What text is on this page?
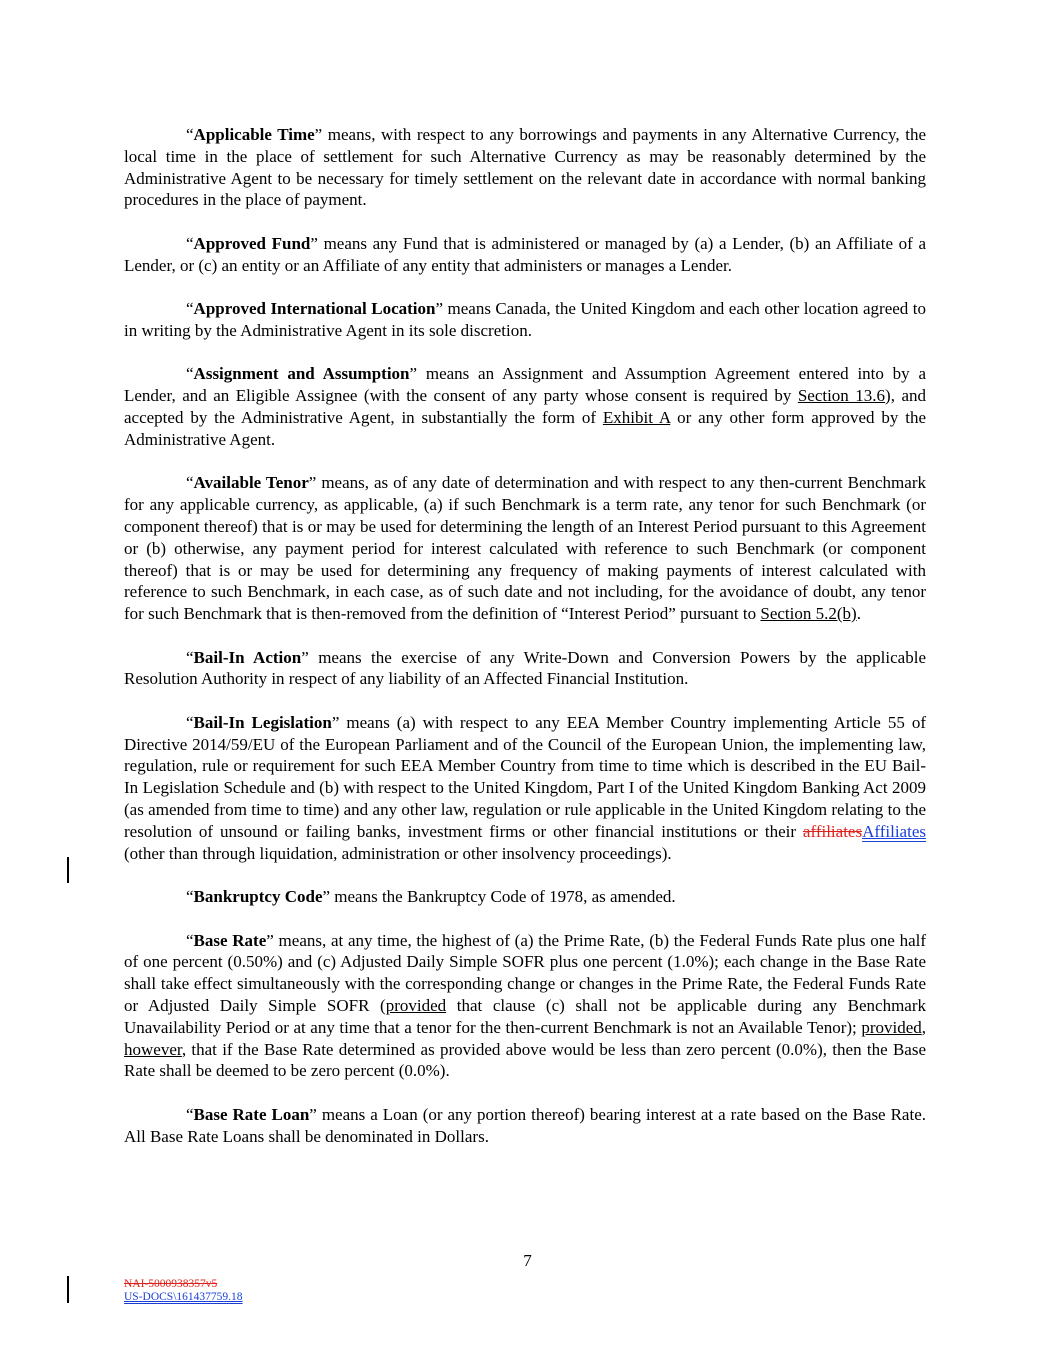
“Applicable Time” means, with respect to any borrowings and payments in any Alternative Currency, the local time in the place of settlement for such Alternative Currency as may be reasonably determined by the Administrative Agent to be necessary for timely settlement on the relevant date in accordance with normal banking procedures in the place of payment.

“Approved Fund” means any Fund that is administered or managed by (a) a Lender, (b) an Affiliate of a Lender, or (c) an entity or an Affiliate of any entity that administers or manages a Lender.

“Approved International Location” means Canada, the United Kingdom and each other location agreed to in writing by the Administrative Agent in its sole discretion.

“Assignment and Assumption” means an Assignment and Assumption Agreement entered into by a Lender, and an Eligible Assignee (with the consent of any party whose consent is required by Section 13.6), and accepted by the Administrative Agent, in substantially the form of Exhibit A or any other form approved by the Administrative Agent.

“Available Tenor” means, as of any date of determination and with respect to any then-current Benchmark for any applicable currency, as applicable, (a) if such Benchmark is a term rate, any tenor for such Benchmark (or component thereof) that is or may be used for determining the length of an Interest Period pursuant to this Agreement or (b) otherwise, any payment period for interest calculated with reference to such Benchmark (or component thereof) that is or may be used for determining any frequency of making payments of interest calculated with reference to such Benchmark, in each case, as of such date and not including, for the avoidance of doubt, any tenor for such Benchmark that is then-removed from the definition of “Interest Period” pursuant to Section 5.2(b).

“Bail-In Action” means the exercise of any Write-Down and Conversion Powers by the applicable Resolution Authority in respect of any liability of an Affected Financial Institution.

“Bail-In Legislation” means (a) with respect to any EEA Member Country implementing Article 55 of Directive 2014/59/EU of the European Parliament and of the Council of the European Union, the implementing law, regulation, rule or requirement for such EEA Member Country from time to time which is described in the EU Bail-In Legislation Schedule and (b) with respect to the United Kingdom, Part I of the United Kingdom Banking Act 2009 (as amended from time to time) and any other law, regulation or rule applicable in the United Kingdom relating to the resolution of unsound or failing banks, investment firms or other financial institutions or their affiliatesAffiliates (other than through liquidation, administration or other insolvency proceedings).

“Bankruptcy Code” means the Bankruptcy Code of 1978, as amended.

“Base Rate” means, at any time, the highest of (a) the Prime Rate, (b) the Federal Funds Rate plus one half of one percent (0.50%) and (c) Adjusted Daily Simple SOFR plus one percent (1.0%); each change in the Base Rate shall take effect simultaneously with the corresponding change or changes in the Prime Rate, the Federal Funds Rate or Adjusted Daily Simple SOFR (provided that clause (c) shall not be applicable during any Benchmark Unavailability Period or at any time that a tenor for the then-current Benchmark is not an Available Tenor); provided, however, that if the Base Rate determined as provided above would be less than zero percent (0.0%), then the Base Rate shall be deemed to be zero percent (0.0%).

“Base Rate Loan” means a Loan (or any portion thereof) bearing interest at a rate based on the Base Rate. All Base Rate Loans shall be denominated in Dollars.

7
NAI-5000938357v5
US-DOCS\161437759.18
